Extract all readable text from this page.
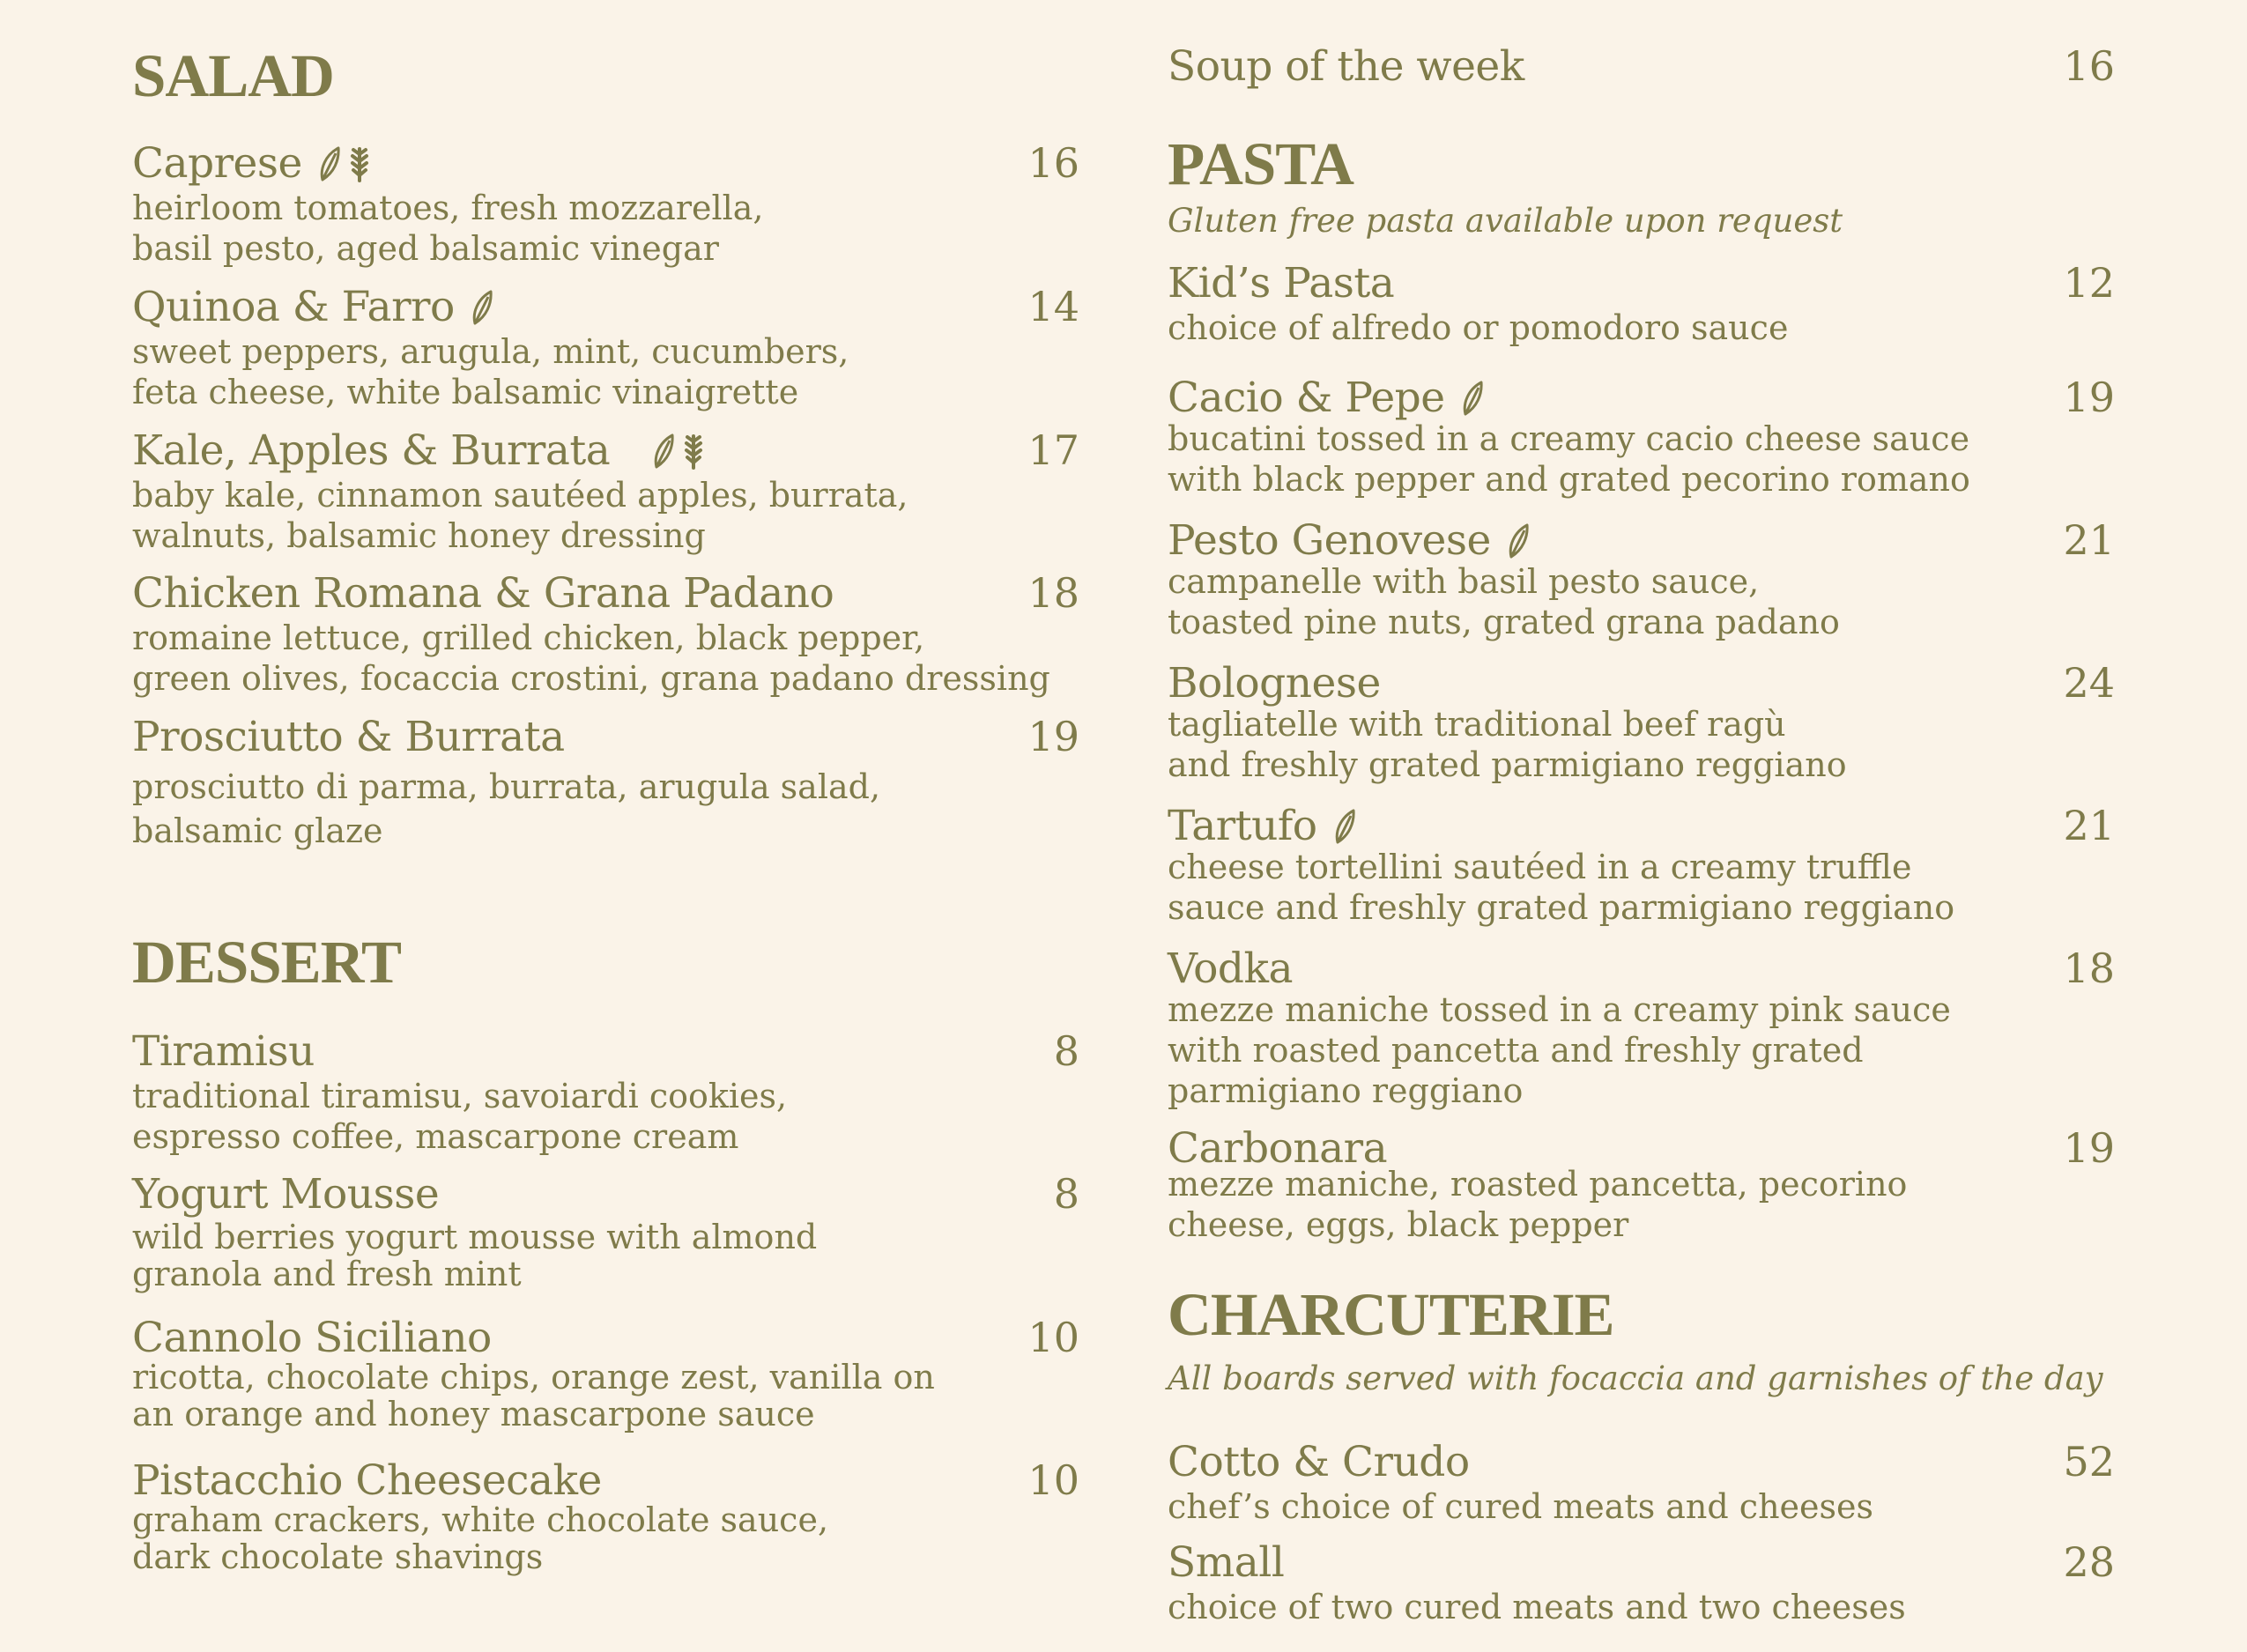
SALAD
Caprese	16
heirloom tomatoes, fresh mozzarella,
basil pesto, aged balsamic vinegar
Quinoa & Farro	14
sweet peppers, arugula, mint, cucumbers,
feta cheese, white balsamic vinaigrette
Kale, Apples & Burrata	17
baby kale, cinnamon sautéed apples, burrata,
walnuts, balsamic honey dressing
Chicken Romana & Grana Padano	18
romaine lettuce, grilled chicken, black pepper,
green olives, focaccia crostini, grana padano dressing
Prosciutto & Burrata	19
prosciutto di parma, burrata, arugula salad,
balsamic glaze
DESSERT
Tiramisu	8
traditional tiramisu, savoiardi cookies,
espresso coffee, mascarpone cream
Yogurt Mousse	8
wild berries yogurt mousse with almond
granola and fresh mint
Cannolo Siciliano	10
ricotta, chocolate chips, orange zest, vanilla on
an orange and honey mascarpone sauce
Pistacchio Cheesecake	10
graham crackers, white chocolate sauce,
dark chocolate shavings
Soup of the week	16
PASTA
Gluten free pasta available upon request
Kid’s Pasta	12
choice of alfredo or pomodoro sauce
Cacio & Pepe	19
bucatini tossed in a creamy cacio cheese sauce
with black pepper and grated pecorino romano
Pesto Genovese	21
campanelle with basil pesto sauce,
toasted pine nuts, grated grana padano
Bolognese	24
tagliatelle with traditional beef ragù
and freshly grated parmigiano reggiano
Tartufo	21
cheese tortellini sautéed in a creamy truffle
sauce and freshly grated parmigiano reggiano
Vodka	18
mezze maniche tossed in a creamy pink sauce
with roasted pancetta and freshly grated
parmigiano reggiano
Carbonara	19
mezze maniche, roasted pancetta, pecorino
cheese, eggs, black pepper
CHARCUTERIE
All boards served with focaccia and garnishes of the day
Cotto & Crudo	52
chef’s choice of cured meats and cheeses
Small	28
choice of two cured meats and two cheeses
